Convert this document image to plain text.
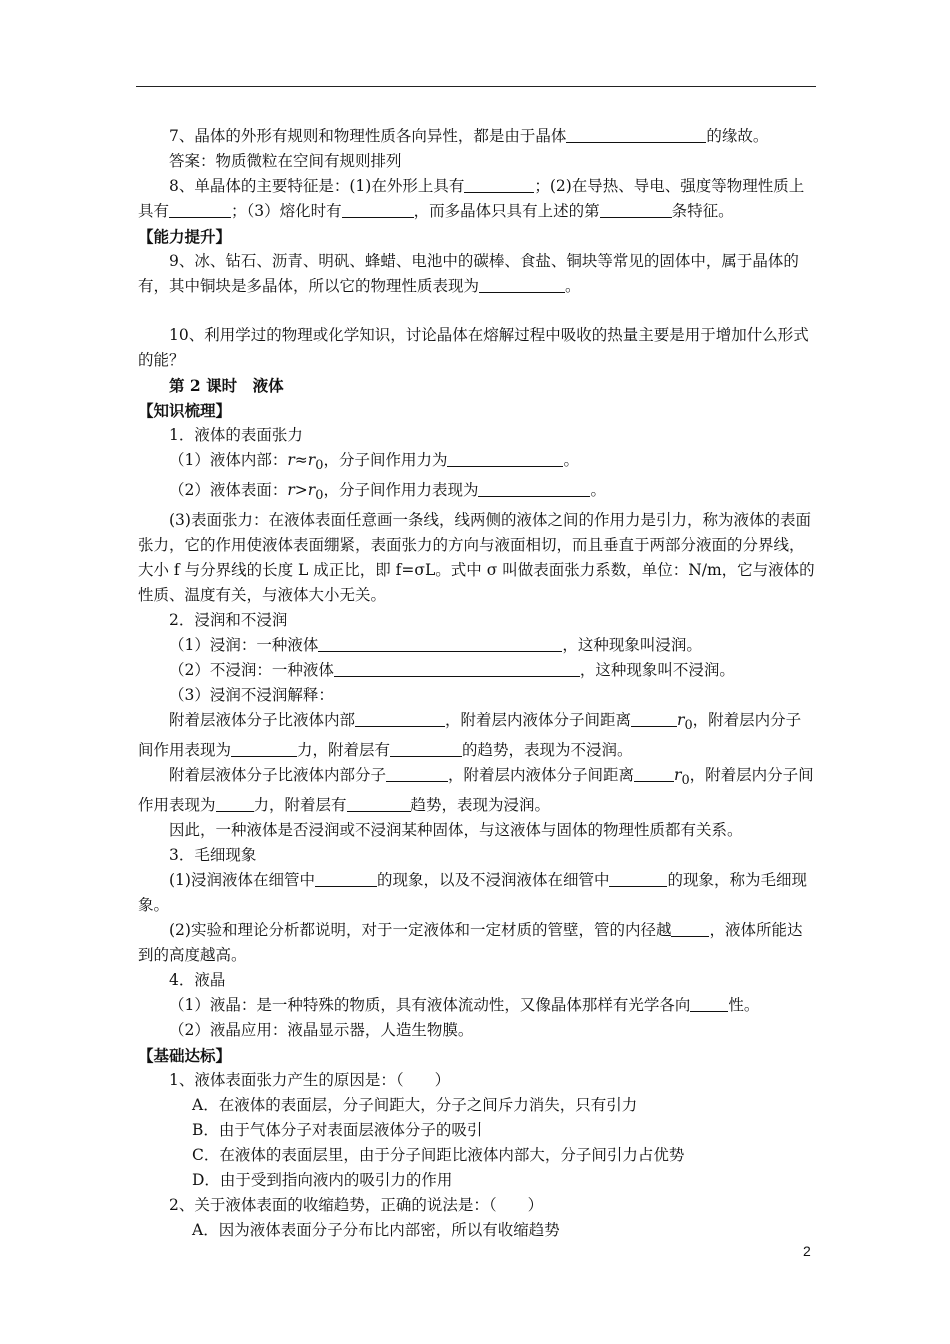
7、晶体的外形有规则和物理性质各向异性，都是由于晶体	的缘故。

答案：物质微粒在空间有规则排列

8、单晶体的主要特征是：(1)在外形上具有	；(2)在导热、导电、强度等物理性质上具有	；（3）熔化时有	，而多晶体只具有上述的第	条特征。

【能力提升】

9、冰、钻石、沥青、明矾、蜂蜡、电池中的碳棒、食盐、铜块等常见的固体中，属于晶体的有，其中铜块是多晶体，所以它的物理性质表现为	。

10、利用学过的物理或化学知识，讨论晶体在熔解过程中吸收的热量主要是用于增加什么形式的能？

第 2 课时　液体

【知识梳理】

1．液体的表面张力

（1）液体内部：$r\approx r_0$，分子间作用力为	。

（2）液体表面：$r>r_0$，分子间作用力表现为	。

(3)表面张力：在液体表面任意画一条线，线两侧的液体之间的作用力是引力，称为液体的表面张力，它的作用使液体表面绷紧，表面张力的方向与液面相切，而且垂直于两部分液面的分界线，大小 f 与分界线的长度 L 成正比，即 f=σL。式中 σ 叫做表面张力系数，单位：N/m，它与液体的性质、温度有关，与液体大小无关。

2．浸润和不浸润

（1）浸润：一种液体	，这种现象叫浸润。

（2）不浸润：一种液体	，这种现象叫不浸润。

（3）浸润不浸润解释：

附着层液体分子比液体内部	，附着层内液体分子间距离	$r_0$，附着层内分子间作用表现为	力，附着层有	的趋势，表现为不浸润。

附着层液体分子比液体内部分子	，附着层内液体分子间距离	$r_0$，附着层内分子间作用表现为 力，附着层有	趋势，表现为浸润。

因此，一种液体是否浸润或不浸润某种固体，与这液体与固体的物理性质都有关系。

3．毛细现象

(1)浸润液体在细管中	的现象，以及不浸润液体在细管中	的现象，称为毛细现象。

(2)实验和理论分析都说明，对于一定液体和一定材质的管壁，管的内径越 ，液体所能达到的高度越高。

4．液晶

（1）液晶：是一种特殊的物质，具有液体流动性，又像晶体那样有光学各向 性。

（2）液晶应用：液晶显示器，人造生物膜。

【基础达标】

1、液体表面张力产生的原因是：（　　）

A．在液体的表面层，分子间距大，分子之间斥力消失，只有引力

B．由于气体分子对表面层液体分子的吸引

C．在液体的表面层里，由于分子间距比液体内部大，分子间引力占优势

D．由于受到指向液内的吸引力的作用

2、关于液体表面的收缩趋势，正确的说法是：（　　）

A．因为液体表面分子分布比内部密，所以有收缩趋势

2
